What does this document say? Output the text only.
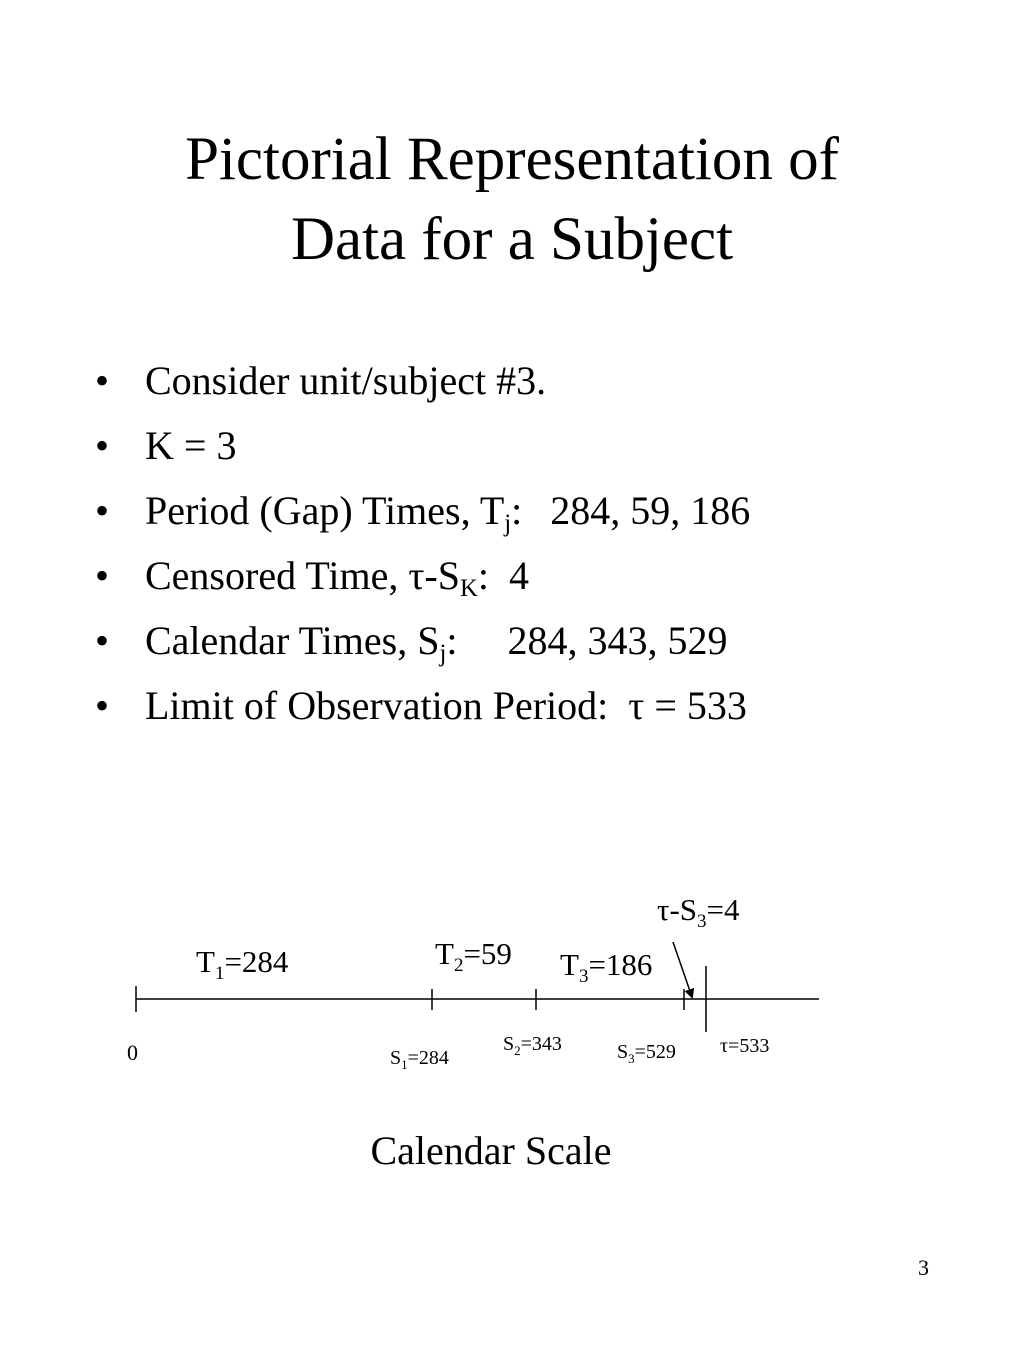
Pictorial Representation of
Data for a Subject
• Consider unit/subject #3.
• K = 3
• Period (Gap) Times, $T_j$: 284, 59, 186
• Censored Time, $\tau-S_K$: 4
• Calendar Times, $S_j$: 284, 343, 529
• Limit of Observation Period: τ = 533
$\tau-S_3=4$
$T_1=284$	$T_2=59$ $T_3=186$
0	$S_1=284$
$S_2=343$	$S_3=529$ τ=533
Calendar Scale
3
